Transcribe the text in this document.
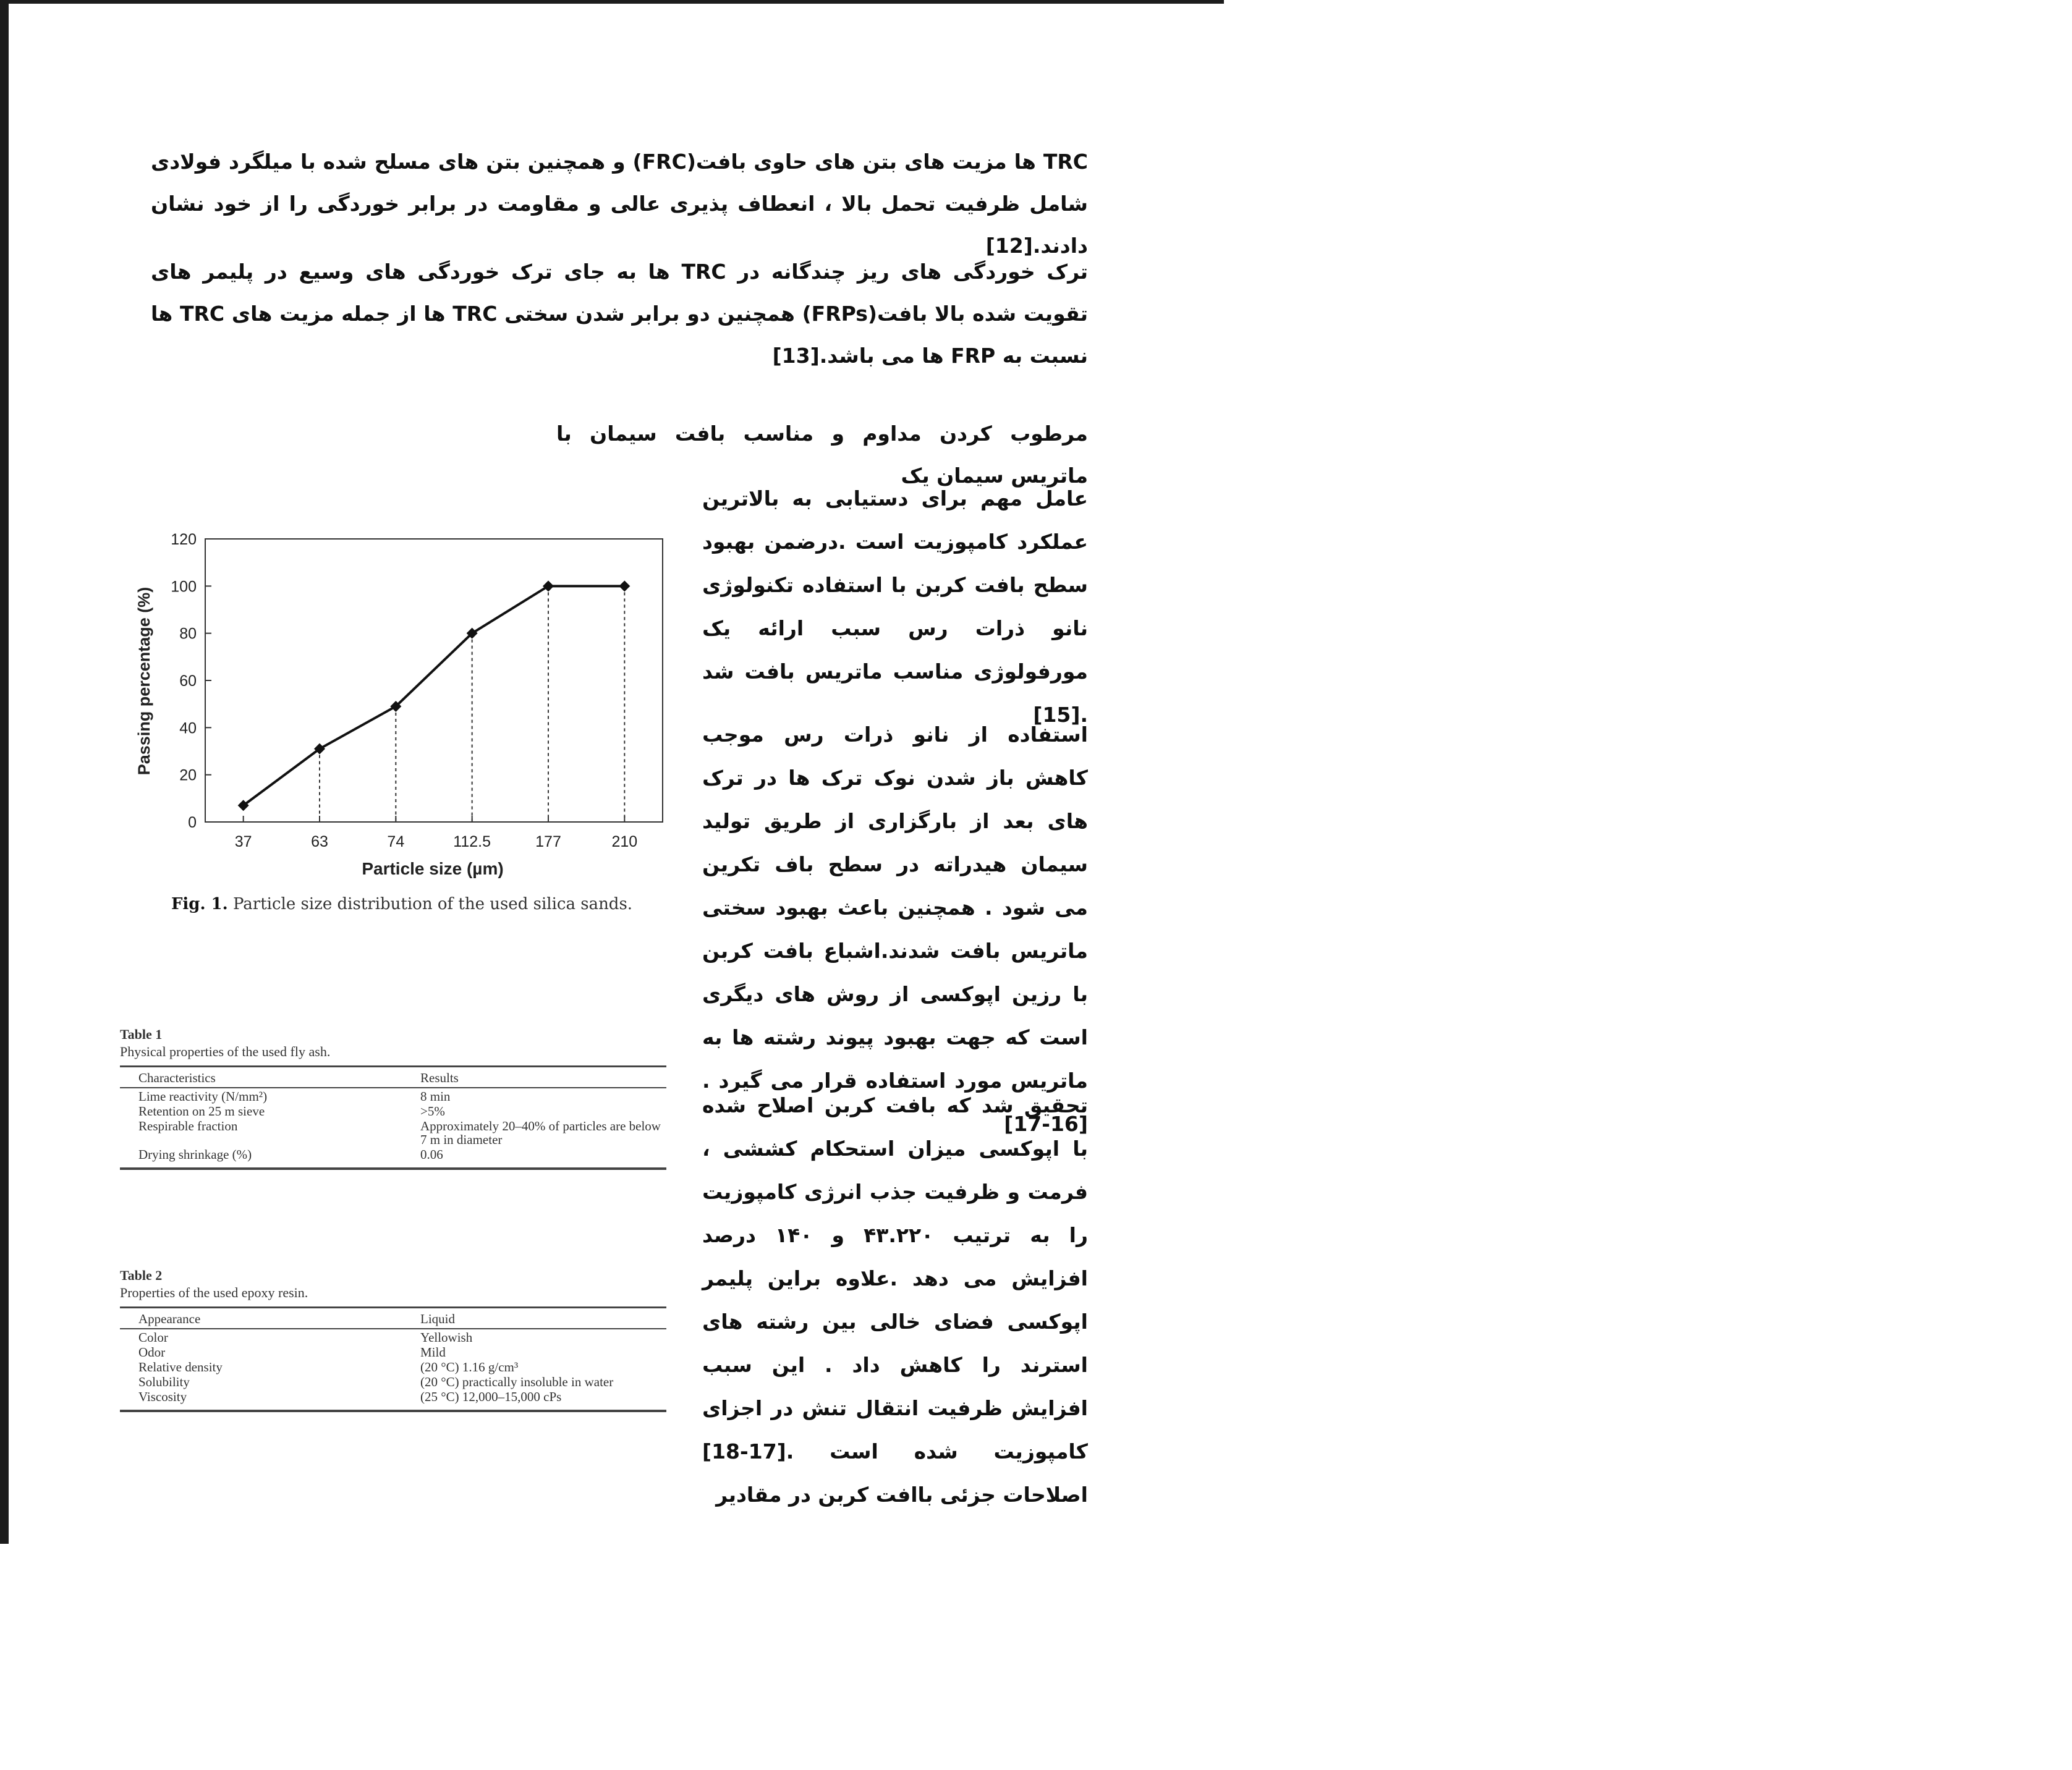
TRC ها مزیت های بتن های حاوی بافت(FRC) و همچنین بتن های مسلح شده با میلگرد فولادی شامل ظرفیت تحمل بالا ، انعطاف پذیری عالی و مقاومت در برابر خوردگی را از خود نشان دادند.[12]
ترک خوردگی های ریز چندگانه در TRC ها به جای ترک خوردگی های وسیع در پلیمر های تقویت شده بالا بافت(FRPs) همچنین دو برابر شدن سختی TRC ها از جمله مزیت های TRC ها نسبت به FRP ها می باشد.[13]
مرطوب کردن مداوم و مناسب بافت سیمان با ماتریس سیمان یک
عامل مهم برای دستیابی به بالاترین عملکرد کامپوزیت است .درضمن بهبود سطح بافت کربن با استفاده تکنولوژی نانو ذرات رس سبب ارائه یک مورفولوژی مناسب ماتریس بافت شد .[15]
استفاده از نانو ذرات رس موجب کاهش باز شدن نوک ترک ها در ترک های بعد از بارگزاری از طریق تولید سیمان هیدراته در سطح باف تکرین می شود . همچنین باعث بهبود سختی ماتریس بافت شدند.اشباع بافت کربن با رزین اپوکسی از روش های دیگری است که جهت بهبود پیوند رشته ها به ماتریس مورد استفاده قرار می گیرد .[16-17]
تحقیق شد که بافت کربن اصلاح شده با اپوکسی میزان استحکام کششی ، فرمت و ظرفیت جذب انرژی کامپوزیت را به ترتیب ۴۳.۲۲۰ و ۱۴۰ درصد افزایش می دهد .علاوه براین پلیمر اپوکسی فضای خالی بین رشته های استرند را کاهش داد . این سبب افزایش ظرفیت انتقال تنش در اجزای کامپوزیت شده است .[17-18] اصلاحات جزئی باافت کربن در مقادیر
0
20
40
60
80
100
120
37	63	74	112.5	177	210
Particle size (µm)
Passing percentage (%)
Fig. 1. Particle size distribution of the used silica sands.
Table 1
Physical properties of the used fly ash.
Characteristics	Results
Lime reactivity (N/mm²)	8 min
Retention on 25 m sieve	>5%
Respirable fraction	Approximately 20–40% of particles are below 7 m in diameter
Drying shrinkage (%)	0.06
Table 2
Properties of the used epoxy resin.
Appearance	Liquid
Color	Yellowish
Odor	Mild
Relative density	(20 °C) 1.16 g/cm³
Solubility	(20 °C) practically insoluble in water
Viscosity	(25 °C) 12,000–15,000 cPs
